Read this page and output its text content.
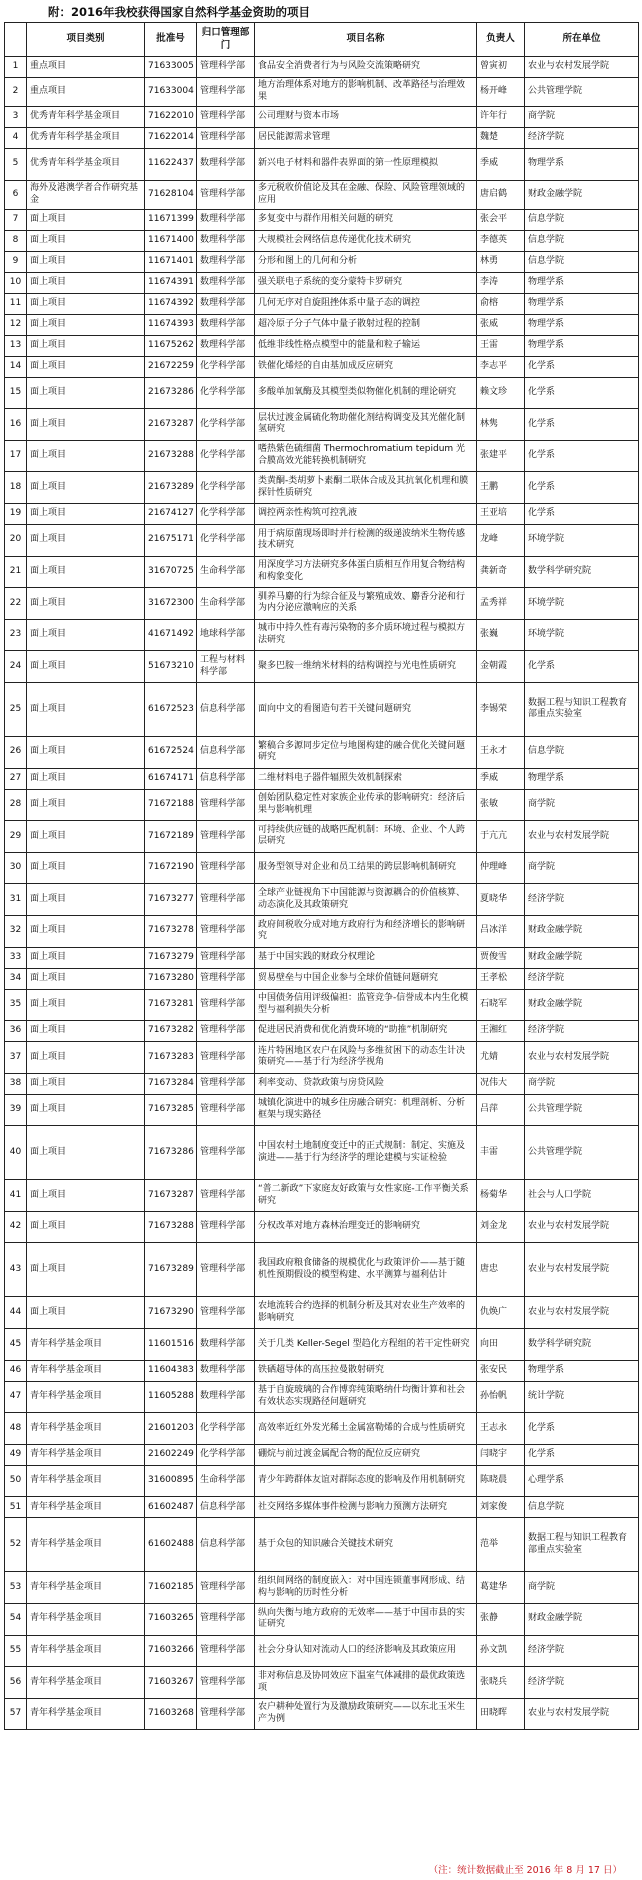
附：2016年我校获得国家自然科学基金资助的项目
	项目类别	批准号	归口管理部门	项目名称	负责人	所在单位
1	重点项目	71633005	管理科学部	食品安全消费者行为与风险交流策略研究	曾寅初	农业与农村发展学院
2	重点项目	71633004	管理科学部	地方治理体系对地方的影响机制、改革路径与治理效果	杨开峰	公共管理学院
3	优秀青年科学基金项目	71622010	管理科学部	公司理财与资本市场	许年行	商学院
4	优秀青年科学基金项目	71622014	管理科学部	居民能源需求管理	魏楚	经济学院
5	优秀青年科学基金项目	11622437	数理科学部	新兴电子材料和器件表界面的第一性原理模拟	季威	物理学系
6	海外及港澳学者合作研究基金	71628104	管理科学部	多元税收价值论及其在金融、保险、风险管理领域的应用	唐启鹤	财政金融学院
7	面上项目	11671399	数理科学部	多复变中与群作用相关问题的研究	张会平	信息学院
8	面上项目	11671400	数理科学部	大规模社会网络信息传递优化技术研究	李德英	信息学院
9	面上项目	11671401	数理科学部	分形和图上的几何和分析	林勇	信息学院
10	面上项目	11674391	数理科学部	强关联电子系统的变分蒙特卡罗研究	李涛	物理学系
11	面上项目	11674392	数理科学部	几何无序对自旋阻挫体系中量子态的调控	俞榕	物理学系
12	面上项目	11674393	数理科学部	超冷原子分子气体中量子散射过程的控制	张威	物理学系
13	面上项目	11675262	数理科学部	低维非线性格点模型中的能量和粒子输运	王雷	物理学系
14	面上项目	21672259	化学科学部	铁催化烯烃的自由基加成反应研究	李志平	化学系
15	面上项目	21673286	化学科学部	多酸单加氧酶及其模型类似物催化机制的理论研究	赖文珍	化学系
16	面上项目	21673287	化学科学部	层状过渡金属硫化物助催化剂结构调变及其光催化制氢研究	林隽	化学系
17	面上项目	21673288	化学科学部	嗜热紫色硫细菌 Thermochromatium tepidum 光合膜高效光能转换机制研究	张建平	化学系
18	面上项目	21673289	化学科学部	类黄酮-类胡萝卜素酮二联体合成及其抗氧化机理和膜探针性质研究	王鹏	化学系
19	面上项目	21674127	化学科学部	调控两亲性构筑可控乳液	王亚培	化学系
20	面上项目	21675171	化学科学部	用于病原菌现场即时并行检测的级递波纳米生物传感技术研究	龙峰	环境学院
21	面上项目	31670725	生命科学部	用深度学习方法研究多体蛋白质相互作用复合物结构和构象变化	龚新奇	数学科学研究院
22	面上项目	31672300	生命科学部	驯养马麝的行为综合征及与繁殖成效、麝香分泌和行为内分泌应激响应的关系	孟秀祥	环境学院
23	面上项目	41671492	地球科学部	城市中持久性有毒污染物的多介质环境过程与模拟方法研究	张巍	环境学院
24	面上项目	51673210	工程与材料科学部	聚多巴胺一维纳米材料的结构调控与光电性质研究	金朝霞	化学系
25	面上项目	61672523	信息科学部	面向中文的看图造句若干关键问题研究	李锡荣	数据工程与知识工程教育部重点实验室
26	面上项目	61672524	信息科学部	繁稿合多源同步定位与地图构建的融合优化关键问题研究	王永才	信息学院
27	面上项目	61674171	信息科学部	二维材料电子器件辐照失效机制探索	季威	物理学系
28	面上项目	71672188	管理科学部	创始团队稳定性对家族企业传承的影响研究：经济后果与影响机理	张敏	商学院
29	面上项目	71672189	管理科学部	可持续供应链的战略匹配机制：环境、企业、个人跨层研究	于亢亢	农业与农村发展学院
30	面上项目	71672190	管理科学部	服务型领导对企业和员工结果的跨层影响机制研究	仲理峰	商学院
31	面上项目	71673277	管理科学部	全球产业链视角下中国能源与资源耦合的价值核算、动态演化及其政策研究	夏晓华	经济学院
32	面上项目	71673278	管理科学部	政府间税收分成对地方政府行为和经济增长的影响研究	吕冰洋	财政金融学院
33	面上项目	71673279	管理科学部	基于中国实践的财政分权理论	贾俊雪	财政金融学院
34	面上项目	71673280	管理科学部	贸易壁垒与中国企业参与全球价值链问题研究	王孝松	经济学院
35	面上项目	71673281	管理科学部	中国债务信用评级偏袒：监管竞争-信誉成本内生化模型与福利损失分析	石晓军	财政金融学院
36	面上项目	71673282	管理科学部	促进居民消费和优化消费环境的“助推”机制研究	王湘红	经济学院
37	面上项目	71673283	管理科学部	连片特困地区农户在风险与多维贫困下的动态生计决策研究——基于行为经济学视角	尤婧	农业与农村发展学院
38	面上项目	71673284	管理科学部	利率变动、贷款政策与房贷风险	况伟大	商学院
39	面上项目	71673285	管理科学部	城镇化演进中的城乡住房融合研究：机理剖析、分析框架与现实路径	吕萍	公共管理学院
40	面上项目	71673286	管理科学部	中国农村土地制度变迁中的正式规制：制定、实施及演进——基于行为经济学的理论建模与实证检验	丰雷	公共管理学院
41	面上项目	71673287	管理科学部	“普二新政”下家庭友好政策与女性家庭-工作平衡关系研究	杨菊华	社会与人口学院
42	面上项目	71673288	管理科学部	分权改革对地方森林治理变迁的影响研究	刘金龙	农业与农村发展学院
43	面上项目	71673289	管理科学部	我国政府粮食储备的规模优化与政策评价——基于随机性预期假设的模型构建、水平测算与福利估计	唐忠	农业与农村发展学院
44	面上项目	71673290	管理科学部	农地流转合约选择的机制分析及其对农业生产效率的影响研究	仇焕广	农业与农村发展学院
45	青年科学基金项目	11601516	数理科学部	关于几类 Keller-Segel 型趋化方程组的若干定性研究	向田	数学科学研究院
46	青年科学基金项目	11604383	数理科学部	铁硒超导体的高压拉曼散射研究	张安民	物理学系
47	青年科学基金项目	11605288	数理科学部	基于自旋玻璃的合作博弈纯策略纳什均衡计算和社会有效状态实现路径问题研究	孙怡帆	统计学院
48	青年科学基金项目	21601203	化学科学部	高效率近红外发光稀土金属富勒烯的合成与性质研究	王志永	化学系
49	青年科学基金项目	21602249	化学科学部	硼烷与前过渡金属配合物的配位反应研究	闫晓宇	化学系
50	青年科学基金项目	31600895	生命科学部	青少年跨群体友谊对群际态度的影响及作用机制研究	陈晓晨	心理学系
51	青年科学基金项目	61602487	信息科学部	社交网络多媒体事件检测与影响力预测方法研究	刘家俊	信息学院
52	青年科学基金项目	61602488	信息科学部	基于众包的知识融合关键技术研究	范举	数据工程与知识工程教育部重点实验室
53	青年科学基金项目	71602185	管理科学部	组织间网络的制度嵌入：对中国连锁董事网形成、结构与影响的历时性分析	葛建华	商学院
54	青年科学基金项目	71603265	管理科学部	纵向失衡与地方政府的无效率——基于中国市县的实证研究	张静	财政金融学院
55	青年科学基金项目	71603266	管理科学部	社会分身认知对流动人口的经济影响及其政策应用	孙文凯	经济学院
56	青年科学基金项目	71603267	管理科学部	非对称信息及协同效应下温室气体减排的最优政策选项	张晓兵	经济学院
57	青年科学基金项目	71603268	管理科学部	农户耕种处置行为及激励政策研究——以东北玉米生产为例	田晓晖	农业与农村发展学院
（注：统计数据截止至 2016 年 8 月 17 日）
